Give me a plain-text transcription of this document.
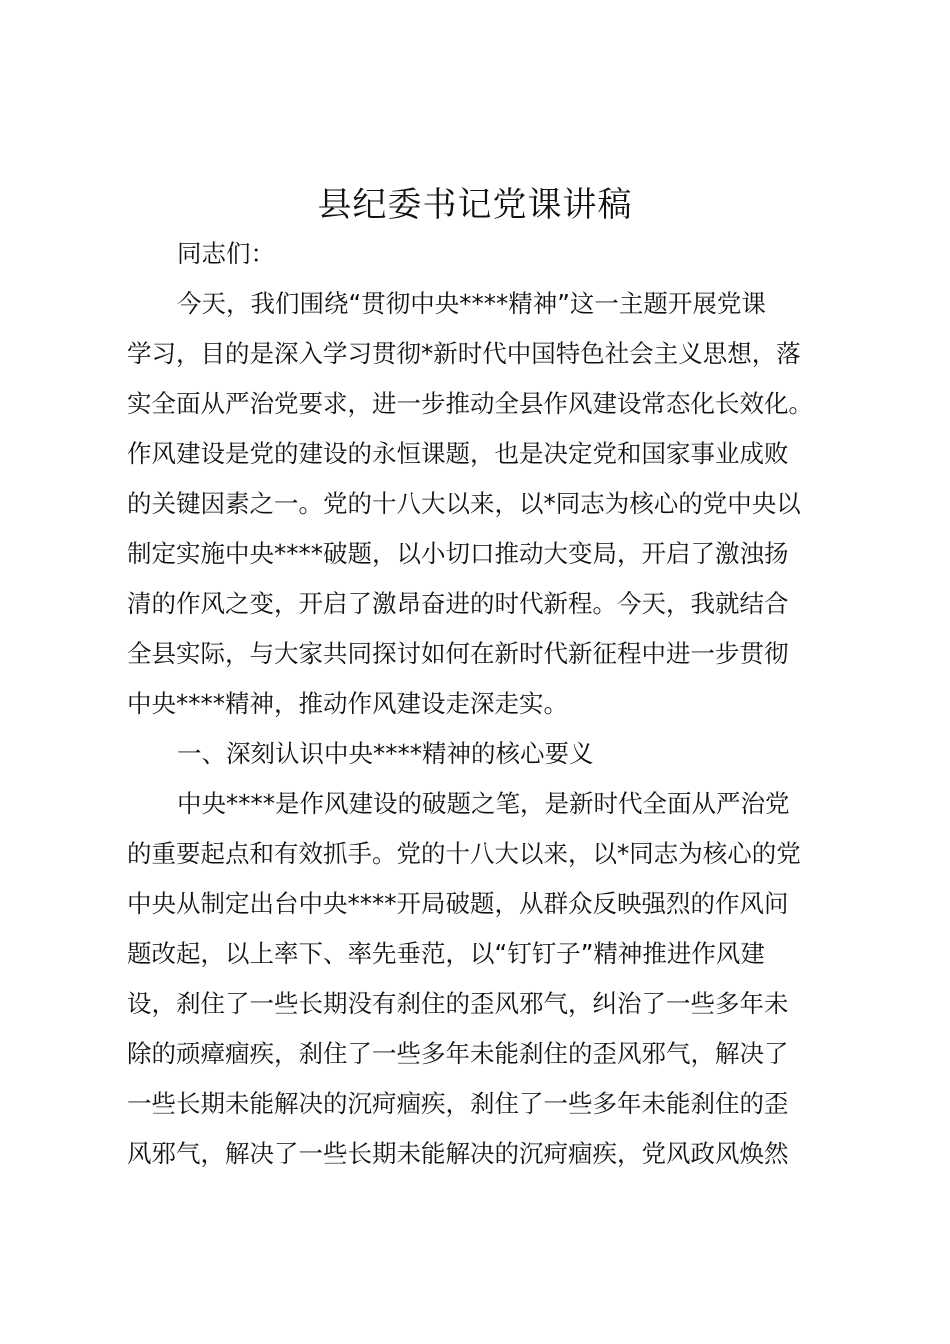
县纪委书记党课讲稿

同志们：

今天，我们围绕“贯彻中央****精神”这一主题开展党课

学习，目的是深入学习贯彻*新时代中国特色社会主义思想，落

实全面从严治党要求，进一步推动全县作风建设常态化长效化。

作风建设是党的建设的永恒课题，也是决定党和国家事业成败

的关键因素之一。党的十八大以来，以*同志为核心的党中央以

制定实施中央****破题，以小切口推动大变局，开启了激浊扬

清的作风之变，开启了激昂奋进的时代新程。今天，我就结合

全县实际，与大家共同探讨如何在新时代新征程中进一步贯彻

中央****精神，推动作风建设走深走实。

一、深刻认识中央****精神的核心要义

中央****是作风建设的破题之笔，是新时代全面从严治党

的重要起点和有效抓手。党的十八大以来，以*同志为核心的党

中央从制定出台中央****开局破题，从群众反映强烈的作风问

题改起，以上率下、率先垂范，以“钉钉子”精神推进作风建

设，刹住了一些长期没有刹住的歪风邪气，纠治了一些多年未

除的顽瘴痼疾，刹住了一些多年未能刹住的歪风邪气，解决了

一些长期未能解决的沉疴痼疾，刹住了一些多年未能刹住的歪

风邪气，解决了一些长期未能解决的沉疴痼疾，党风政风焕然
